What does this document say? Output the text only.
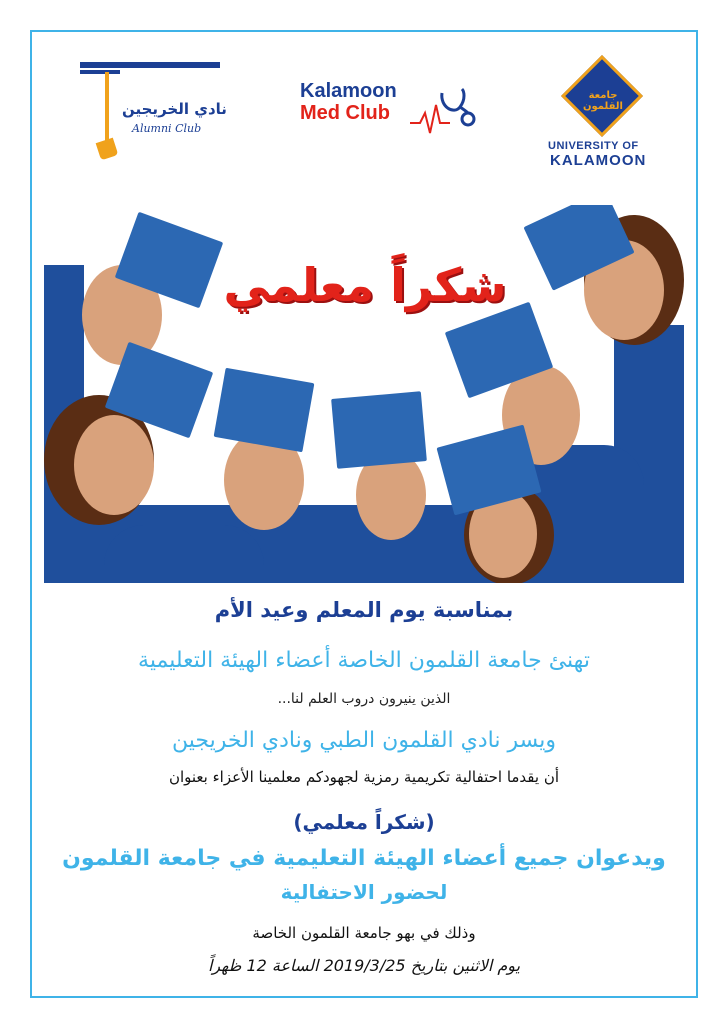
نادي الخريجين
Alumni Club
Kalamoon
Med Club
جامعة القلمون
UNIVERSITY OF
KALAMOON
شكراً معلمي
بمناسبة يوم المعلم وعيد الأم
تهنئ جامعة القلمون الخاصة أعضاء الهيئة التعليمية
الذين ينيرون دروب العلم لنا...
ويسر نادي القلمون الطبي ونادي الخريجين
أن يقدما احتفالية تكريمية رمزية لجهودكم معلمينا الأعزاء بعنوان
(شكراً معلمي)
ويدعوان جميع أعضاء الهيئة التعليمية في جامعة القلمون
لحضور الاحتفالية
وذلك في بهو جامعة القلمون الخاصة
يوم الاثنين بتاريخ 2019/3/25 الساعة 12 ظهراً
